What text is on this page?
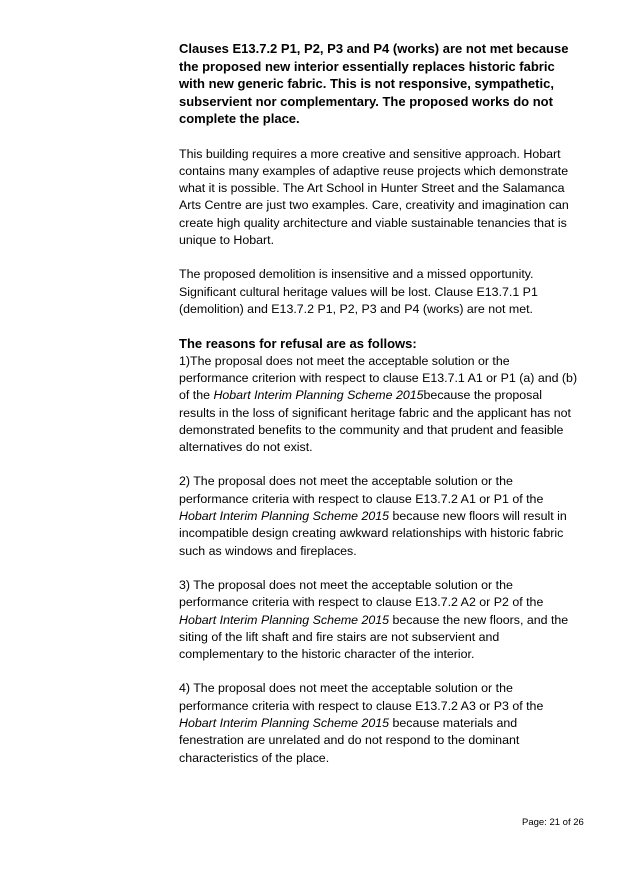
Clauses E13.7.2 P1, P2, P3 and P4 (works) are not met because the proposed new interior essentially replaces historic fabric with new generic fabric. This is not responsive, sympathetic, subservient nor complementary. The proposed works do not complete the place.

This building requires a more creative and sensitive approach. Hobart contains many examples of adaptive reuse projects which demonstrate what it is possible. The Art School in Hunter Street and the Salamanca Arts Centre are just two examples. Care, creativity and imagination can create high quality architecture and viable sustainable tenancies that is unique to Hobart.

The proposed demolition is insensitive and a missed opportunity. Significant cultural heritage values will be lost. Clause E13.7.1 P1 (demolition) and E13.7.2 P1, P2, P3 and P4 (works) are not met.

The reasons for refusal are as follows:

1)The proposal does not meet the acceptable solution or the performance criterion with respect to clause E13.7.1 A1 or P1 (a) and (b) of the Hobart Interim Planning Scheme 2015because the proposal results in the loss of significant heritage fabric and the applicant has not demonstrated benefits to the community and that prudent and feasible alternatives do not exist.

2) The proposal does not meet the acceptable solution or the performance criteria with respect to clause E13.7.2 A1 or P1 of the Hobart Interim Planning Scheme 2015 because new floors will result in incompatible design creating awkward relationships with historic fabric such as windows and fireplaces.

3) The proposal does not meet the acceptable solution or the performance criteria with respect to clause E13.7.2 A2 or P2 of the Hobart Interim Planning Scheme 2015 because the new floors, and the siting of the lift shaft and fire stairs are not subservient and complementary to the historic character of the interior.

4) The proposal does not meet the acceptable solution or the performance criteria with respect to clause E13.7.2 A3 or P3 of the Hobart Interim Planning Scheme 2015 because materials and fenestration are unrelated and do not respond to the dominant characteristics of the place.

Page: 21 of 26
